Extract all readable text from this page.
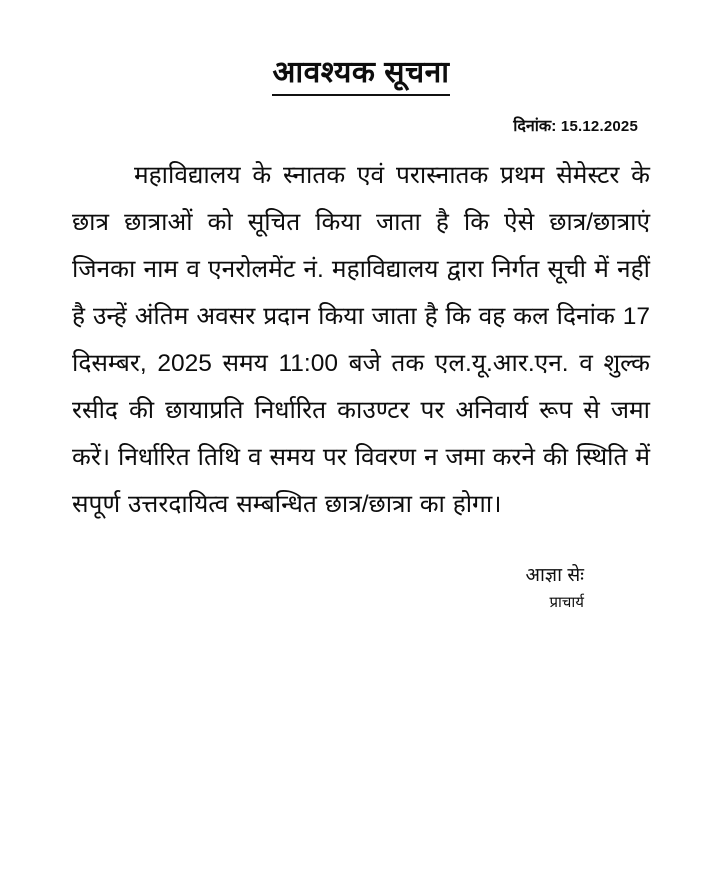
आवश्यक सूचना
दिनांक: 15.12.2025
महाविद्यालय के स्नातक एवं परास्नातक प्रथम सेमेस्टर के छात्र छात्राओं को सूचित किया जाता है कि ऐसे छात्र/छात्राएं जिनका नाम व एनरोलमेंट नं. महाविद्यालय द्वारा निर्गत सूची में नहीं है उन्हें अंतिम अवसर प्रदान किया जाता है कि वह कल दिनांक 17 दिसम्बर, 2025 समय 11:00 बजे तक एल.यू.आर.एन. व शुल्क रसीद की छायाप्रति निर्धारित काउण्टर पर अनिवार्य रूप से जमा करें। निर्धारित तिथि व समय पर विवरण न जमा करने की स्थिति में सपूर्ण उत्तरदायित्व सम्बन्धित छात्र/छात्रा का होगा।
आज्ञा सेः
प्राचार्य
